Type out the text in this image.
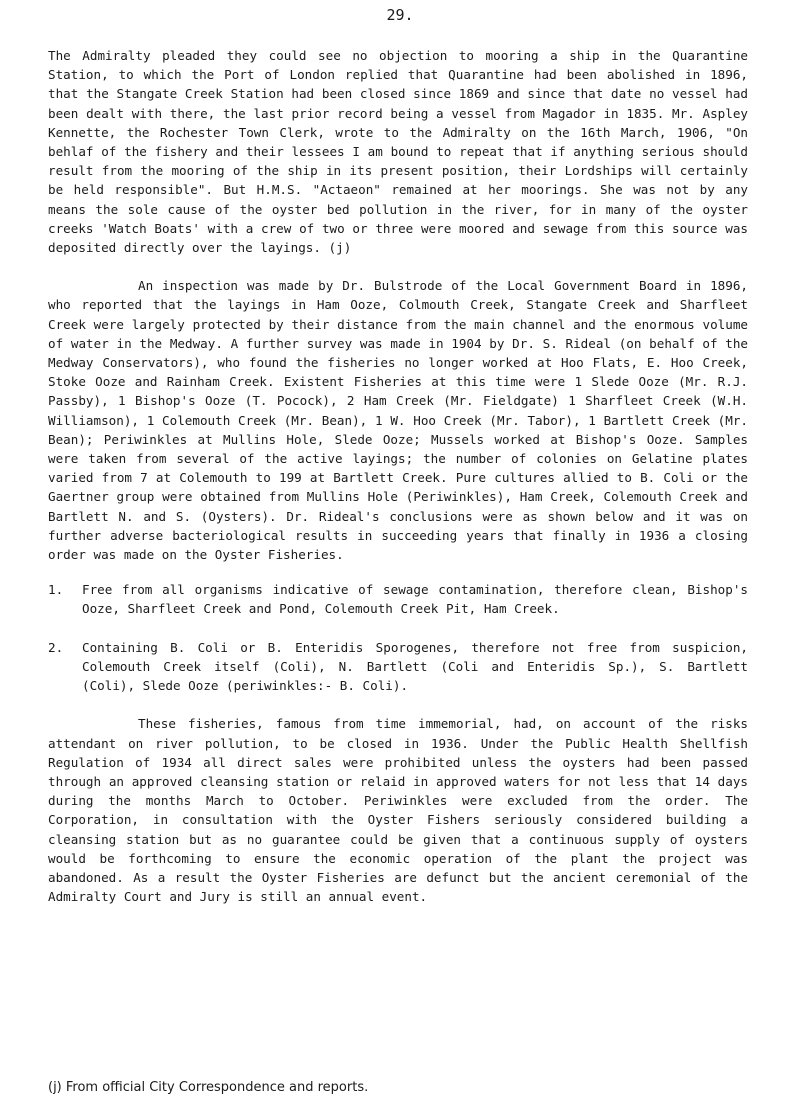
29.

The Admiralty pleaded they could see no objection to mooring a ship in the Quarantine Station, to which the Port of London replied that Quarantine had been abolished in 1896, that the Stangate Creek Station had been closed since 1869 and since that date no vessel had been dealt with there, the last prior record being a vessel from Magador in 1835. Mr. Aspley Kennette, the Rochester Town Clerk, wrote to the Admiralty on the 16th March, 1906, "On behlaf of the fishery and their lessees I am bound to repeat that if anything serious should result from the mooring of the ship in its present position, their Lordships will certainly be held responsible". But H.M.S. "Actaeon" remained at her moorings. She was not by any means the sole cause of the oyster bed pollution in the river, for in many of the oyster creeks 'Watch Boats' with a crew of two or three were moored and sewage from this source was deposited directly over the layings. (j)

An inspection was made by Dr. Bulstrode of the Local Government Board in 1896, who reported that the layings in Ham Ooze, Colmouth Creek, Stangate Creek and Sharfleet Creek were largely protected by their distance from the main channel and the enormous volume of water in the Medway. A further survey was made in 1904 by Dr. S. Rideal (on behalf of the Medway Conservators), who found the fisheries no longer worked at Hoo Flats, E. Hoo Creek, Stoke Ooze and Rainham Creek. Existent Fisheries at this time were 1 Slede Ooze (Mr. R.J. Passby), 1 Bishop's Ooze (T. Pocock), 2 Ham Creek (Mr. Fieldgate) 1 Sharfleet Creek (W.H. Williamson), 1 Colemouth Creek (Mr. Bean), 1 W. Hoo Creek (Mr. Tabor), 1 Bartlett Creek (Mr. Bean); Periwinkles at Mullins Hole, Slede Ooze; Mussels worked at Bishop's Ooze. Samples were taken from several of the active layings; the number of colonies on Gelatine plates varied from 7 at Colemouth to 199 at Bartlett Creek. Pure cultures allied to B. Coli or the Gaertner group were obtained from Mullins Hole (Periwinkles), Ham Creek, Colemouth Creek and Bartlett N. and S. (Oysters). Dr. Rideal's conclusions were as shown below and it was on further adverse bacteriological results in succeeding years that finally in 1936 a closing order was made on the Oyster Fisheries.

1. Free from all organisms indicative of sewage contamination, therefore clean, Bishop's Ooze, Sharfleet Creek and Pond, Colemouth Creek Pit, Ham Creek.
2. Containing B. Coli or B. Enteridis Sporogenes, therefore not free from suspicion, Colemouth Creek itself (Coli), N. Bartlett (Coli and Enteridis Sp.), S. Bartlett (Coli), Slede Ooze (periwinkles:- B. Coli).

These fisheries, famous from time immemorial, had, on account of the risks attendant on river pollution, to be closed in 1936. Under the Public Health Shellfish Regulation of 1934 all direct sales were prohibited unless the oysters had been passed through an approved cleansing station or relaid in approved waters for not less that 14 days during the months March to October. Periwinkles were excluded from the order. The Corporation, in consultation with the Oyster Fishers seriously considered building a cleansing station but as no guarantee could be given that a continuous supply of oysters would be forthcoming to ensure the economic operation of the plant the project was abandoned. As a result the Oyster Fisheries are defunct but the ancient ceremonial of the Admiralty Court and Jury is still an annual event.

(j) From official City Correspondence and reports.
